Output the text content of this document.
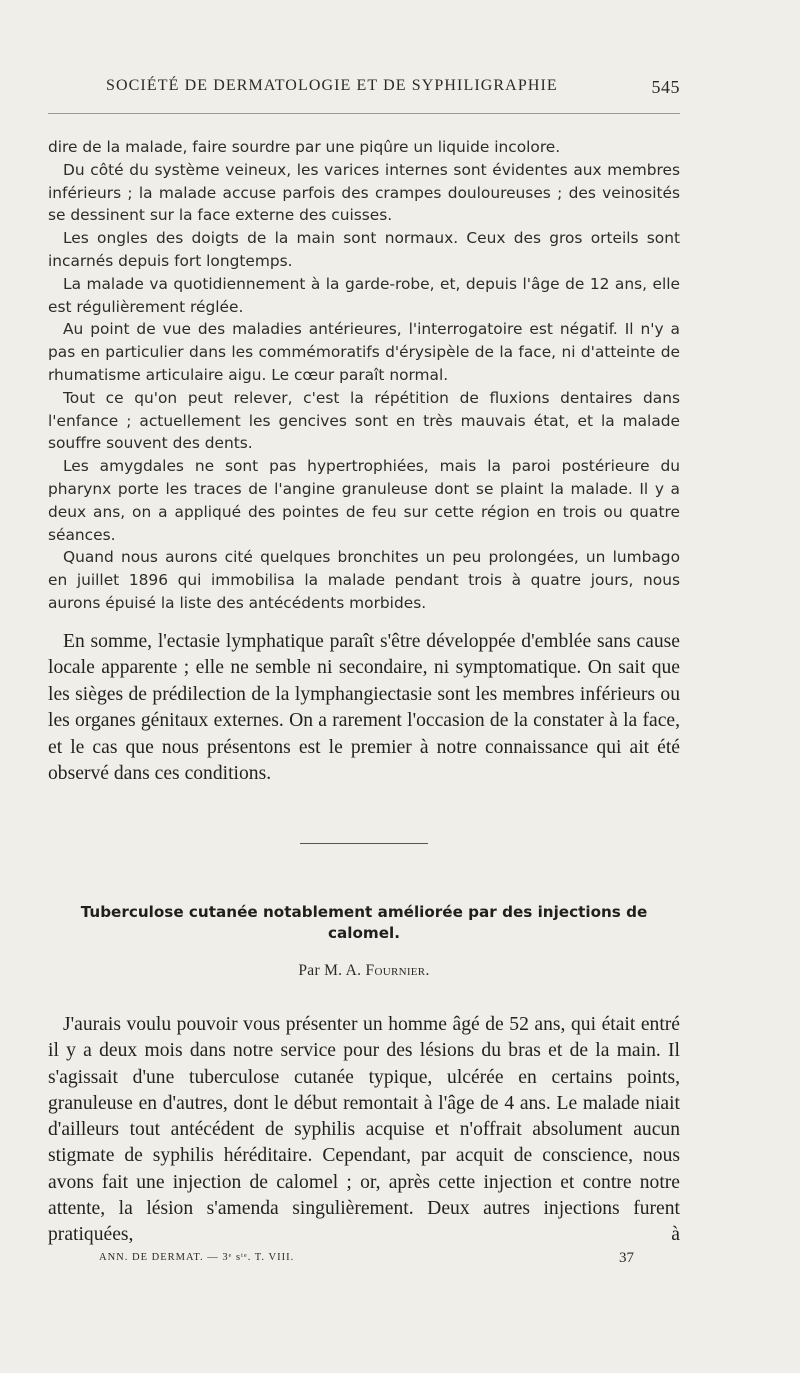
SOCIÉTÉ DE DERMATOLOGIE ET DE SYPHILIGRAPHIE	545

dire de la malade, faire sourdre par une piqûre un liquide incolore.

Du côté du système veineux, les varices internes sont évidentes aux membres inférieurs ; la malade accuse parfois des crampes douloureuses ; des veinosités se dessinent sur la face externe des cuisses.

Les ongles des doigts de la main sont normaux. Ceux des gros orteils sont incarnés depuis fort longtemps.

La malade va quotidiennement à la garde-robe, et, depuis l'âge de 12 ans, elle est régulièrement réglée.

Au point de vue des maladies antérieures, l'interrogatoire est négatif. Il n'y a pas en particulier dans les commémoratifs d'érysipèle de la face, ni d'atteinte de rhumatisme articulaire aigu. Le cœur paraît normal.

Tout ce qu'on peut relever, c'est la répétition de fluxions dentaires dans l'enfance ; actuellement les gencives sont en très mauvais état, et la malade souffre souvent des dents.

Les amygdales ne sont pas hypertrophiées, mais la paroi postérieure du pharynx porte les traces de l'angine granuleuse dont se plaint la malade. Il y a deux ans, on a appliqué des pointes de feu sur cette région en trois ou quatre séances.

Quand nous aurons cité quelques bronchites un peu prolongées, un lumbago en juillet 1896 qui immobilisa la malade pendant trois à quatre jours, nous aurons épuisé la liste des antécédents morbides.

En somme, l'ectasie lymphatique paraît s'être développée d'emblée sans cause locale apparente ; elle ne semble ni secondaire, ni symptomatique. On sait que les sièges de prédilection de la lymphangiectasie sont les membres inférieurs ou les organes génitaux externes. On a rarement l'occasion de la constater à la face, et le cas que nous présentons est le premier à notre connaissance qui ait été observé dans ces conditions.

Tuberculose cutanée notablement améliorée par des injections de calomel.
Par M. A. Fournier.

J'aurais voulu pouvoir vous présenter un homme âgé de 52 ans, qui était entré il y a deux mois dans notre service pour des lésions du bras et de la main. Il s'agissait d'une tuberculose cutanée typique, ulcérée en certains points, granuleuse en d'autres, dont le début remontait à l'âge de 4 ans. Le malade niait d'ailleurs tout antécédent de syphilis acquise et n'offrait absolument aucun stigmate de syphilis héréditaire. Cependant, par acquit de conscience, nous avons fait une injection de calomel ; or, après cette injection et contre notre attente, la lésion s'amenda singulièrement. Deux autres injections furent pratiquées, à

ANN. DE DERMAT. — 3ᵉ sᵗᵉ. T. VIII.	37
